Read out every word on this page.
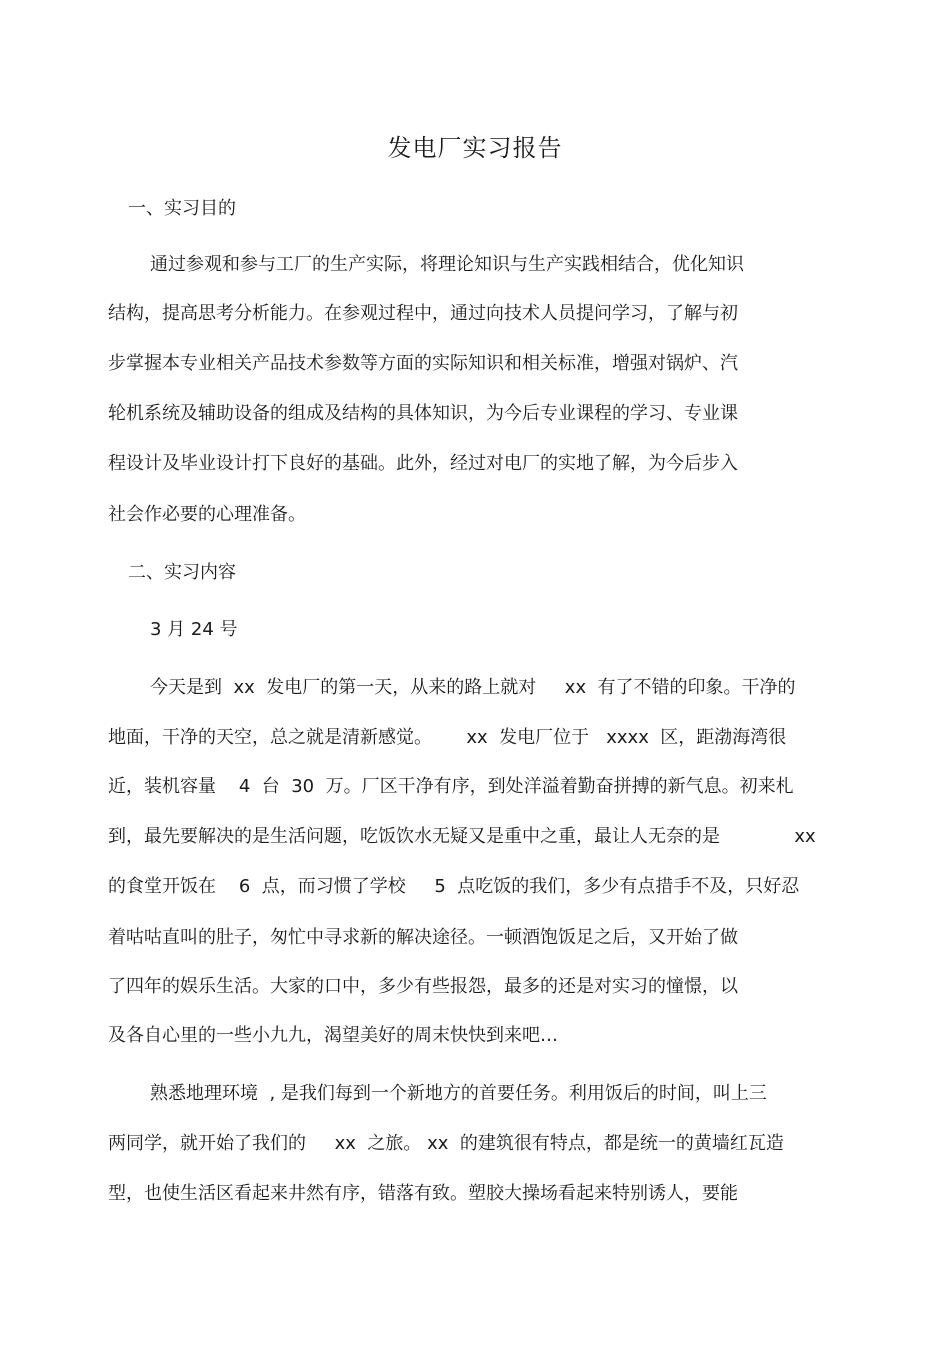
发电厂实习报告
一、实习目的
通过参观和参与工厂的生产实际，将理论知识与生产实践相结合，优化知识
结构，提高思考分析能力。在参观过程中，通过向技术人员提问学习，了解与初
步掌握本专业相关产品技术参数等方面的实际知识和相关标准，增强对锅炉、汽
轮机系统及辅助设备的组成及结构的具体知识，为今后专业课程的学习、专业课
程设计及毕业设计打下良好的基础。此外，经过对电厂的实地了解，为今后步入
社会作必要的心理准备。
二、实习内容
3 月 24 号
今天是到  xx  发电厂的第一天，从来的路上就对     xx  有了不错的印象。干净的
地面，干净的天空，总之就是清新感觉。      xx  发电厂位于   xxxx  区，距渤海湾很
近，装机容量    4  台  30  万。厂区干净有序，到处洋溢着勤奋拼搏的新气息。初来札
到，最先要解决的是生活问题，吃饭饮水无疑又是重中之重，最让人无奈的是             xx
的食堂开饭在    6  点，而习惯了学校     5  点吃饭的我们，多少有点措手不及，只好忍
着咕咕直叫的肚子，匆忙中寻求新的解决途径。一顿酒饱饭足之后，又开始了做
了四年的娱乐生活。大家的口中，多少有些报怨，最多的还是对实习的憧憬，以
及各自心里的一些小九九，渴望美好的周末快快到来吧…
熟悉地理环境  , 是我们每到一个新地方的首要任务。利用饭后的时间，叫上三
两同学，就开始了我们的     xx  之旅。 xx  的建筑很有特点，都是统一的黄墙红瓦造
型，也使生活区看起来井然有序，错落有致。塑胶大操场看起来特别诱人，要能
